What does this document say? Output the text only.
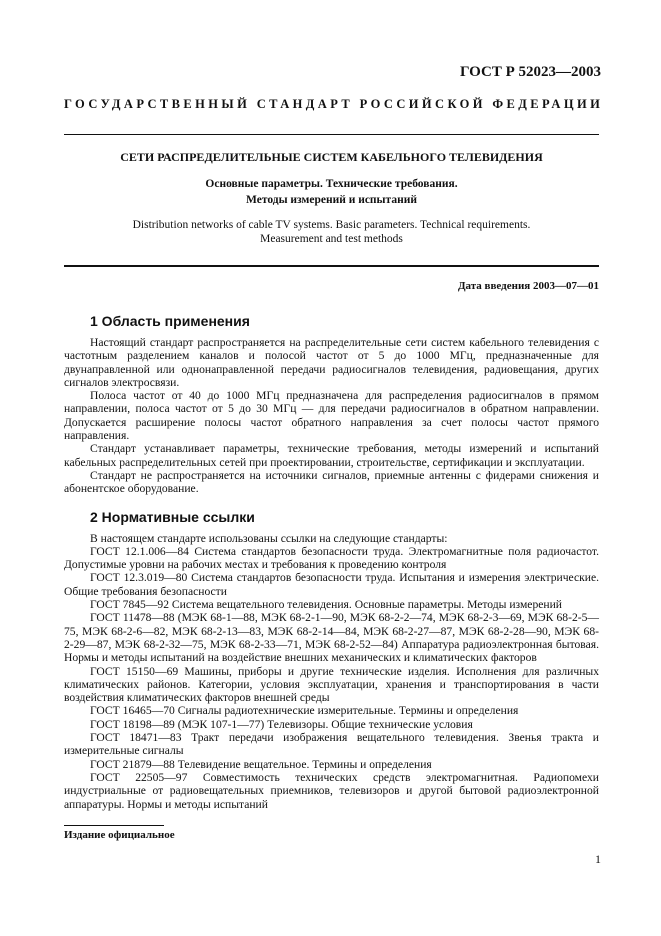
ГОСТ Р 52023—2003
ГОСУДАРСТВЕННЫЙ СТАНДАРТ РОССИЙСКОЙ ФЕДЕРАЦИИ
СЕТИ РАСПРЕДЕЛИТЕЛЬНЫЕ СИСТЕМ КАБЕЛЬНОГО ТЕЛЕВИДЕНИЯ
Основные параметры. Технические требования.
Методы измерений и испытаний
Distribution networks of cable TV systems. Basic parameters. Technical requirements.
Measurement and test methods
Дата введения 2003—07—01
1 Область применения

Настоящий стандарт распространяется на распределительные сети систем кабельного телевидения с частотным разделением каналов и полосой частот от 5 до 1000 МГц, предназначенные для двунаправленной или однонаправленной передачи радиосигналов телевидения, радиовещания, других сигналов электросвязи.

Полоса частот от 40 до 1000 МГц предназначена для распределения радиосигналов в прямом направлении, полоса частот от 5 до 30 МГц — для передачи радиосигналов в обратном направлении. Допускается расширение полосы частот обратного направления за счет полосы частот прямого направления.

Стандарт устанавливает параметры, технические требования, методы измерений и испытаний кабельных распределительных сетей при проектировании, строительстве, сертификации и эксплуатации.

Стандарт не распространяется на источники сигналов, приемные антенны с фидерами снижения и абонентское оборудование.

2 Нормативные ссылки

В настоящем стандарте использованы ссылки на следующие стандарты:

ГОСТ 12.1.006—84 Система стандартов безопасности труда. Электромагнитные поля радиочастот. Допустимые уровни на рабочих местах и требования к проведению контроля

ГОСТ 12.3.019—80 Система стандартов безопасности труда. Испытания и измерения электрические. Общие требования безопасности

ГОСТ 7845—92 Система вещательного телевидения. Основные параметры. Методы измерений

ГОСТ 11478—88 (МЭК 68-1—88, МЭК 68-2-1—90, МЭК 68-2-2—74, МЭК 68-2-3—69, МЭК 68-2-5—75, МЭК 68-2-6—82, МЭК 68-2-13—83, МЭК 68-2-14—84, МЭК 68-2-27—87, МЭК 68-2-28—90, МЭК 68-2-29—87, МЭК 68-2-32—75, МЭК 68-2-33—71, МЭК 68-2-52—84) Аппаратура радиоэлектронная бытовая. Нормы и методы испытаний на воздействие внешних механических и климатических факторов

ГОСТ 15150—69 Машины, приборы и другие технические изделия. Исполнения для различных климатических районов. Категории, условия эксплуатации, хранения и транспортирования в части воздействия климатических факторов внешней среды

ГОСТ 16465—70 Сигналы радиотехнические измерительные. Термины и определения

ГОСТ 18198—89 (МЭК 107-1—77) Телевизоры. Общие технические условия

ГОСТ 18471—83 Тракт передачи изображения вещательного телевидения. Звенья тракта и измерительные сигналы

ГОСТ 21879—88 Телевидение вещательное. Термины и определения

ГОСТ 22505—97 Совместимость технических средств электромагнитная. Радиопомехи индустриальные от радиовещательных приемников, телевизоров и другой бытовой радиоэлектронной аппаратуры. Нормы и методы испытаний

Издание официальное
1
